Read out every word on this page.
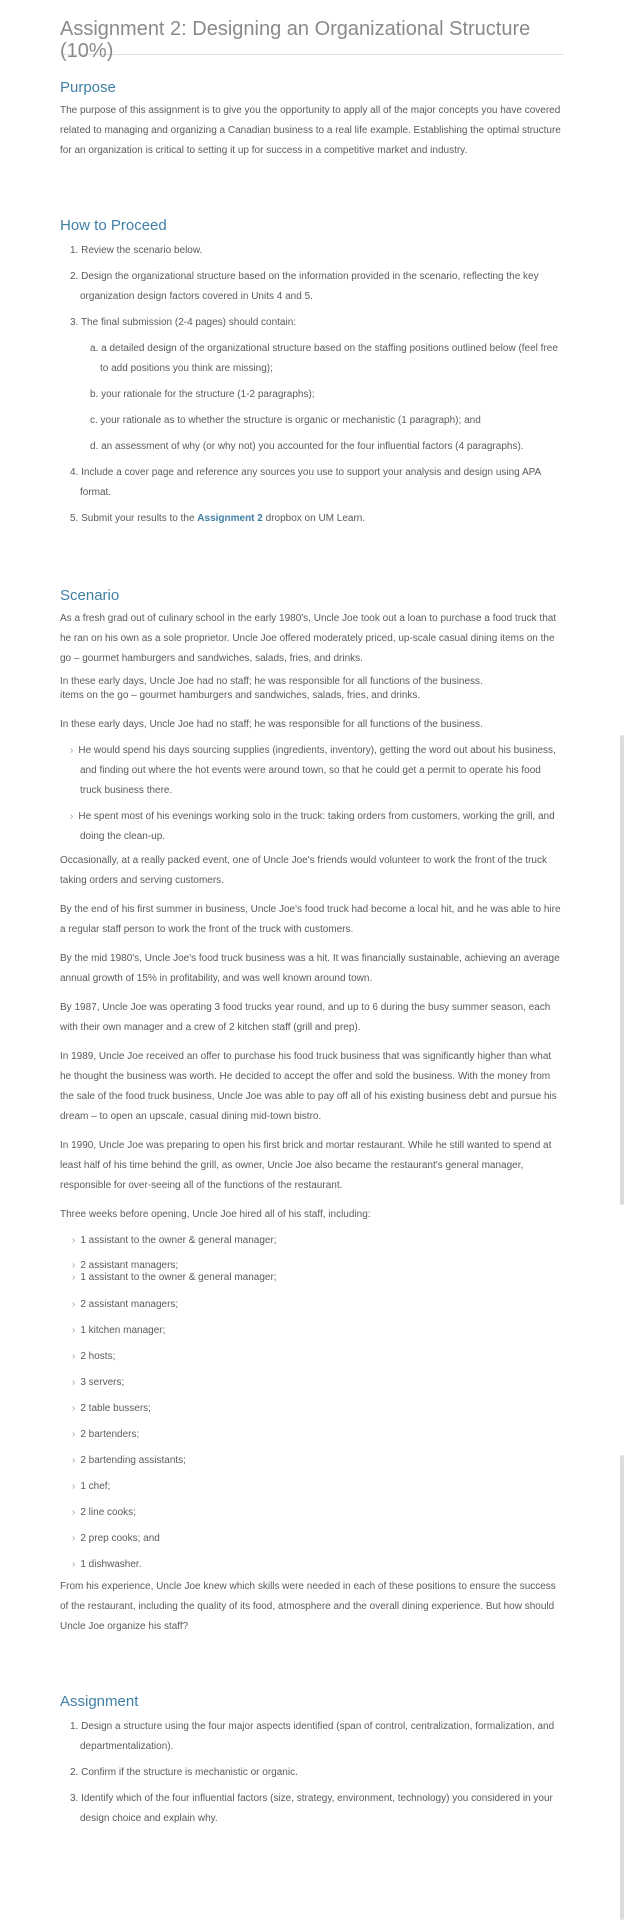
Assignment 2: Designing an Organizational Structure (10%)
Purpose

The purpose of this assignment is to give you the opportunity to apply all of the major concepts you have covered related to managing and organizing a Canadian business to a real life example. Establishing the optimal structure for an organization is critical to setting it up for success in a competitive market and industry.

How to Proceed
1. Review the scenario below.
2. Design the organizational structure based on the information provided in the scenario, reflecting the key organization design factors covered in Units 4 and 5.
3. The final submission (2-4 pages) should contain:
a. a detailed design of the organizational structure based on the staffing positions outlined below (feel free to add positions you think are missing);
b. your rationale for the structure (1-2 paragraphs);
c. your rationale as to whether the structure is organic or mechanistic (1 paragraph); and
d. an assessment of why (or why not) you accounted for the four influential factors (4 paragraphs).
4. Include a cover page and reference any sources you use to support your analysis and design using APA format.
5. Submit your results to the Assignment 2 dropbox on UM Learn.
Scenario

As a fresh grad out of culinary school in the early 1980's, Uncle Joe took out a loan to purchase a food truck that he ran on his own as a sole proprietor. Uncle Joe offered moderately priced, up-scale casual dining items on the go – gourmet hamburgers and sandwiches, salads, fries, and drinks.

In these early days, Uncle Joe had no staff; he was responsible for all functions of the business.

items on the go – gourmet hamburgers and sandwiches, salads, fries, and drinks.

In these early days, Uncle Joe had no staff; he was responsible for all functions of the business.

› He would spend his days sourcing supplies (ingredients, inventory), getting the word out about his business, and finding out where the hot events were around town, so that he could get a permit to operate his food truck business there.
› He spent most of his evenings working solo in the truck: taking orders from customers, working the grill, and doing the clean-up.

Occasionally, at a really packed event, one of Uncle Joe's friends would volunteer to work the front of the truck taking orders and serving customers.

By the end of his first summer in business, Uncle Joe's food truck had become a local hit, and he was able to hire a regular staff person to work the front of the truck with customers.

By the mid 1980's, Uncle Joe's food truck business was a hit. It was financially sustainable, achieving an average annual growth of 15% in profitability, and was well known around town.

By 1987, Uncle Joe was operating 3 food trucks year round, and up to 6 during the busy summer season, each with their own manager and a crew of 2 kitchen staff (grill and prep).

In 1989, Uncle Joe received an offer to purchase his food truck business that was significantly higher than what he thought the business was worth. He decided to accept the offer and sold the business. With the money from the sale of the food truck business, Uncle Joe was able to pay off all of his existing business debt and pursue his dream – to open an upscale, casual dining mid-town bistro.

In 1990, Uncle Joe was preparing to open his first brick and mortar restaurant. While he still wanted to spend at least half of his time behind the grill, as owner, Uncle Joe also became the restaurant's general manager, responsible for over-seeing all of the functions of the restaurant.

Three weeks before opening, Uncle Joe hired all of his staff, including:

› 1 assistant to the owner & general manager;
› 2 assistant managers;
› 1 assistant to the owner & general manager;
› 2 assistant managers;
› 1 kitchen manager;
› 2 hosts;
› 3 servers;
› 2 table bussers;
› 2 bartenders;
› 2 bartending assistants;
› 1 chef;
› 2 line cooks;
› 2 prep cooks; and
› 1 dishwasher.

From his experience, Uncle Joe knew which skills were needed in each of these positions to ensure the success of the restaurant, including the quality of its food, atmosphere and the overall dining experience. But how should Uncle Joe organize his staff?

Assignment
1. Design a structure using the four major aspects identified (span of control, centralization, formalization, and departmentalization).
2. Confirm if the structure is mechanistic or organic.
3. Identify which of the four influential factors (size, strategy, environment, technology) you considered in your design choice and explain why.
